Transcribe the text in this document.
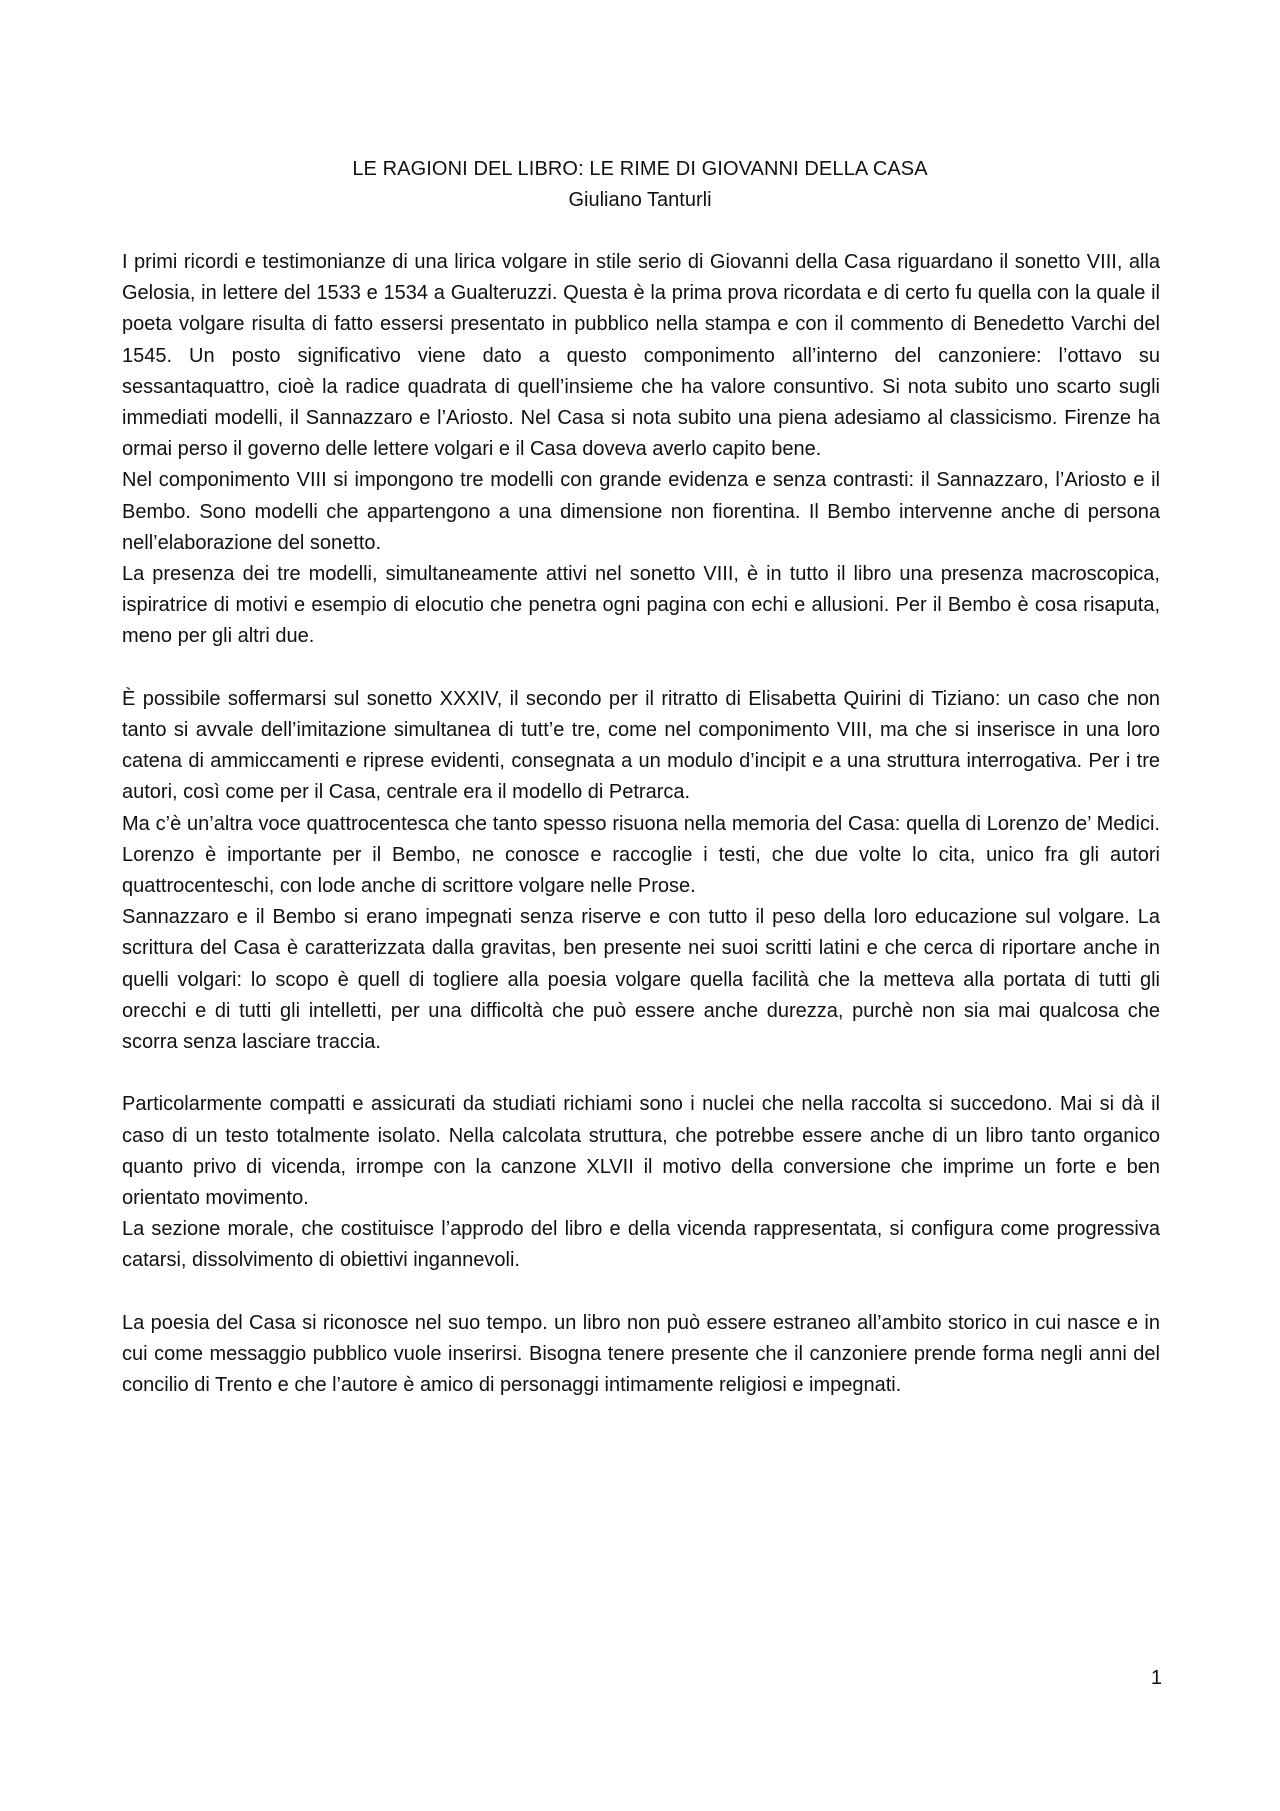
LE RAGIONI DEL LIBRO: LE RIME DI GIOVANNI DELLA CASA
Giuliano Tanturli

I primi ricordi e testimonianze di una lirica volgare in stile serio di Giovanni della Casa riguardano il sonetto VIII, alla Gelosia, in lettere del 1533 e 1534 a Gualteruzzi. Questa è la prima prova ricordata e di certo fu quella con la quale il poeta volgare risulta di fatto essersi presentato in pubblico nella stampa e con il commento di Benedetto Varchi del 1545. Un posto significativo viene dato a questo componimento all’interno del canzoniere: l’ottavo su sessantaquattro, cioè la radice quadrata di quell’insieme che ha valore consuntivo. Si nota subito uno scarto sugli immediati modelli, il Sannazzaro e l’Ariosto. Nel Casa si nota subito una piena adesiamo al classicismo. Firenze ha ormai perso il governo delle lettere volgari e il Casa doveva averlo capito bene.

Nel componimento VIII si impongono tre modelli con grande evidenza e senza contrasti: il Sannazzaro, l’Ariosto e il Bembo. Sono modelli che appartengono a una dimensione non fiorentina. Il Bembo intervenne anche di persona nell’elaborazione del sonetto.

La presenza dei tre modelli, simultaneamente attivi nel sonetto VIII, è in tutto il libro una presenza macroscopica, ispiratrice di motivi e esempio di elocutio che penetra ogni pagina con echi e allusioni. Per il Bembo è cosa risaputa, meno per gli altri due.

È possibile soffermarsi sul sonetto XXXIV, il secondo per il ritratto di Elisabetta Quirini di Tiziano: un caso che non tanto si avvale dell’imitazione simultanea di tutt’e tre, come nel componimento VIII, ma che si inserisce in una loro catena di ammiccamenti e riprese evidenti, consegnata a un modulo d’incipit e a una struttura interrogativa. Per i tre autori, così come per il Casa, centrale era il modello di Petrarca.

Ma c’è un’altra voce quattrocentesca che tanto spesso risuona nella memoria del Casa: quella di Lorenzo de’ Medici. Lorenzo è importante per il Bembo, ne conosce e raccoglie i testi, che due volte lo cita, unico fra gli autori quattrocenteschi, con lode anche di scrittore volgare nelle Prose.

Sannazzaro e il Bembo si erano impegnati senza riserve e con tutto il peso della loro educazione sul volgare. La scrittura del Casa è caratterizzata dalla gravitas, ben presente nei suoi scritti latini e che cerca di riportare anche in quelli volgari: lo scopo è quell di togliere alla poesia volgare quella facilità che la metteva alla portata di tutti gli orecchi e di tutti gli intelletti, per una difficoltà che può essere anche durezza, purchè non sia mai qualcosa che scorra senza lasciare traccia.

Particolarmente compatti e assicurati da studiati richiami sono i nuclei che nella raccolta si succedono. Mai si dà il caso di un testo totalmente isolato. Nella calcolata struttura, che potrebbe essere anche di un libro tanto organico quanto privo di vicenda, irrompe con la canzone XLVII il motivo della conversione che imprime un forte e ben orientato movimento.

La sezione morale, che costituisce l’approdo del libro e della vicenda rappresentata, si configura come progressiva catarsi, dissolvimento di obiettivi ingannevoli.

La poesia del Casa si riconosce nel suo tempo. un libro non può essere estraneo all’ambito storico in cui nasce e in cui come messaggio pubblico vuole inserirsi. Bisogna tenere presente che il canzoniere prende forma negli anni del concilio di Trento e che l’autore è amico di personaggi intimamente religiosi e impegnati.

1
